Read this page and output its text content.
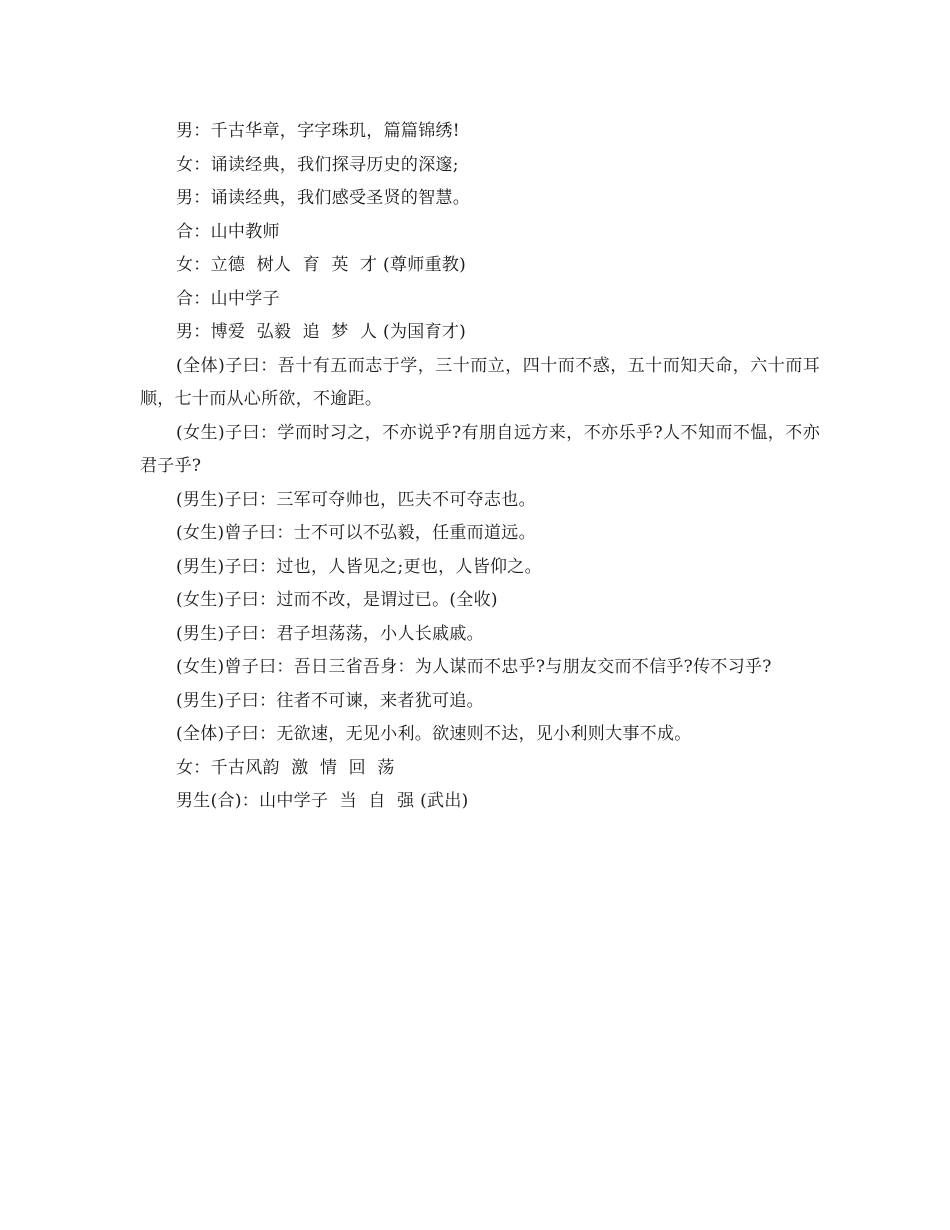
男：千古华章，字字珠玑，篇篇锦绣!

女：诵读经典，我们探寻历史的深邃;

男：诵读经典，我们感受圣贤的智慧。

合：山中教师

女：立德  树人  育  英  才 (尊师重教)

合：山中学子

男：博爱  弘毅  追  梦  人 (为国育才)

(全体)子曰：吾十有五而志于学，三十而立，四十而不惑，五十而知天命，六十而耳顺，七十而从心所欲，不逾距。

(女生)子曰：学而时习之，不亦说乎?有朋自远方来，不亦乐乎?人不知而不愠，不亦君子乎?

(男生)子曰：三军可夺帅也，匹夫不可夺志也。

(女生)曾子曰：士不可以不弘毅，任重而道远。

(男生)子曰：过也，人皆见之;更也，人皆仰之。

(女生)子曰：过而不改，是谓过已。(全收)

(男生)子曰：君子坦荡荡，小人长戚戚。

(女生)曾子曰：吾日三省吾身：为人谋而不忠乎?与朋友交而不信乎?传不习乎?

(男生)子曰：往者不可谏，来者犹可追。

(全体)子曰：无欲速，无见小利。欲速则不达，见小利则大事不成。

女：千古风韵  激  情  回  荡

男生(合)：山中学子  当  自  强 (武出)
